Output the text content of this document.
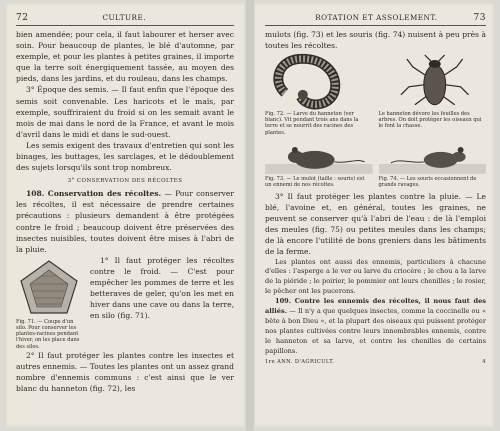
72	CULTURE.

bien amendée; pour cela, il faut labourer et herser avec soin. Pour beaucoup de plantes, le blé d'automne, par exemple, et pour les plantes à petites graines, il importe que la terre soit énergiquement tassée, au moyen des pieds, dans les jardins, et du rouleau, dans les champs.

3° Époque des semis. — Il faut enfin que l'époque des semis soit convenable. Les haricots et le maïs, par exemple, souffriraient du froid si on les semait avant le mois de mai dans le nord de la France, et avant le mois d'avril dans le midi et dans le sud-ouest.

Les semis exigent des travaux d'entretien qui sont les binages, les buttages, les sarclages, et le dédoublement des sujets lorsqu'ils sont trop nombreux.

3° CONSERVATION DES RÉCOLTES

108. Conservation des récoltes. — Pour conserver les récoltes, il est nécessaire de prendre certaines précautions : plusieurs demandent à être protégées contre le froid ; beaucoup doivent être préservées des insectes nuisibles, toutes doivent être mises à l'abri de la pluie.

Fig. 71. — Coupe d'un silo. Pour conserver les plantes-racines pendant l'hiver, on les place dans des silos.

1° Il faut protéger les récoltes contre le froid. — C'est pour empêcher les pommes de terre et les betteraves de geler, qu'on les met en hiver dans une cave ou dans la terre, en silo (fig. 71).

2° Il faut protéger les plantes contre les insectes et autres ennemis. — Toutes les plantes ont un assez grand nombre d'ennemis communs : c'est ainsi que le ver blanc du hanneton (fig. 72), les

ROTATION ET ASSOLEMENT.	73

mulots (fig. 73) et les souris (fig. 74) nuisent à peu près à toutes les récoltes.

Fig. 72. — Larve du hanneton (ver blanc). Vit pendant trois ans dans la terre et se nourrit des racines des plantes.
Le hanneton dévore les feuilles des arbres. On doit protéger les oiseaux qui le font la chasse.
Fig. 73. — Le mulot (taille : souris) est un ennemi de nos récoltes.
Fig. 74. — Les souris occasionnent de grands ravages.

3° Il faut protéger les plantes contre la pluie. — Le blé, l'avoine et, en général, toutes les graines, ne peuvent se conserver qu'à l'abri de l'eau : de là l'emploi des meules (fig. 75) ou petites meules dans les champs; de là encore l'utilité de bons greniers dans les bâtiments de la ferme.

Les plantes ont aussi des ennemis, particuliers à chacune d'elles : l'asperge a le ver ou larve du criocère ; le chou a la larve de la piéride ; le poirier, le pommier ont leurs chenilles ; le rosier, le pêcher ont les pucerons.

109. Contre les ennemis des récoltes, il nous faut des alliés. — Il n'y a que quelques insectes, comme la coccinelle ou « bête à bon Dieu », et la plupart des oiseaux qui puissent protéger nos plantes cultivées contre leurs innombrables ennemis, contre le hanneton et sa larve, et contre les chenilles de certains papillons.

1re ANN. D'AGRICULT.	4
